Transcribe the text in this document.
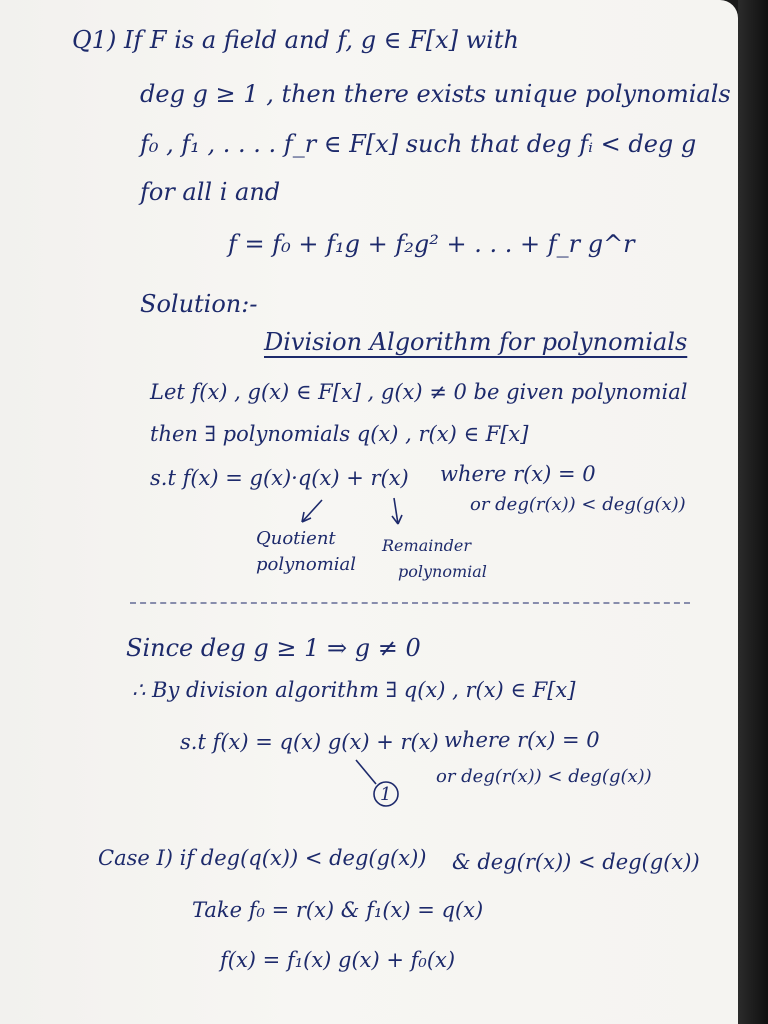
Q1) If F is a field and f, g ∈ F[x] with
deg g ≥ 1 , then there exists unique polynomials
f₀ , f₁ , . . . . f_r ∈ F[x] such that deg fᵢ < deg g
for all i and
f = f₀ + f₁g + f₂g² + . . . + f_r g^r
Solution:-
Division Algorithm for polynomials
Let f(x) , g(x) ∈ F[x] , g(x) ≠ 0 be given polynomial
then ∃ polynomials q(x) , r(x) ∈ F[x]
s.t f(x) = g(x)·q(x) + r(x) where r(x) = 0
or deg(r(x)) < deg(g(x))
Quotient
polynomial
Remainder
polynomial
Since deg g ≥ 1 ⇒ g ≠ 0
∴ By division algorithm ∃ q(x) , r(x) ∈ F[x]
s.t f(x) = q(x) g(x) + r(x) where r(x) = 0
or deg(r(x)) < deg(g(x))
1
Case I) if deg(q(x)) < deg(g(x)) & deg(r(x)) < deg(g(x))
Take f₀ = r(x) & f₁(x) = q(x)
f(x) = f₁(x) g(x) + f₀(x)
